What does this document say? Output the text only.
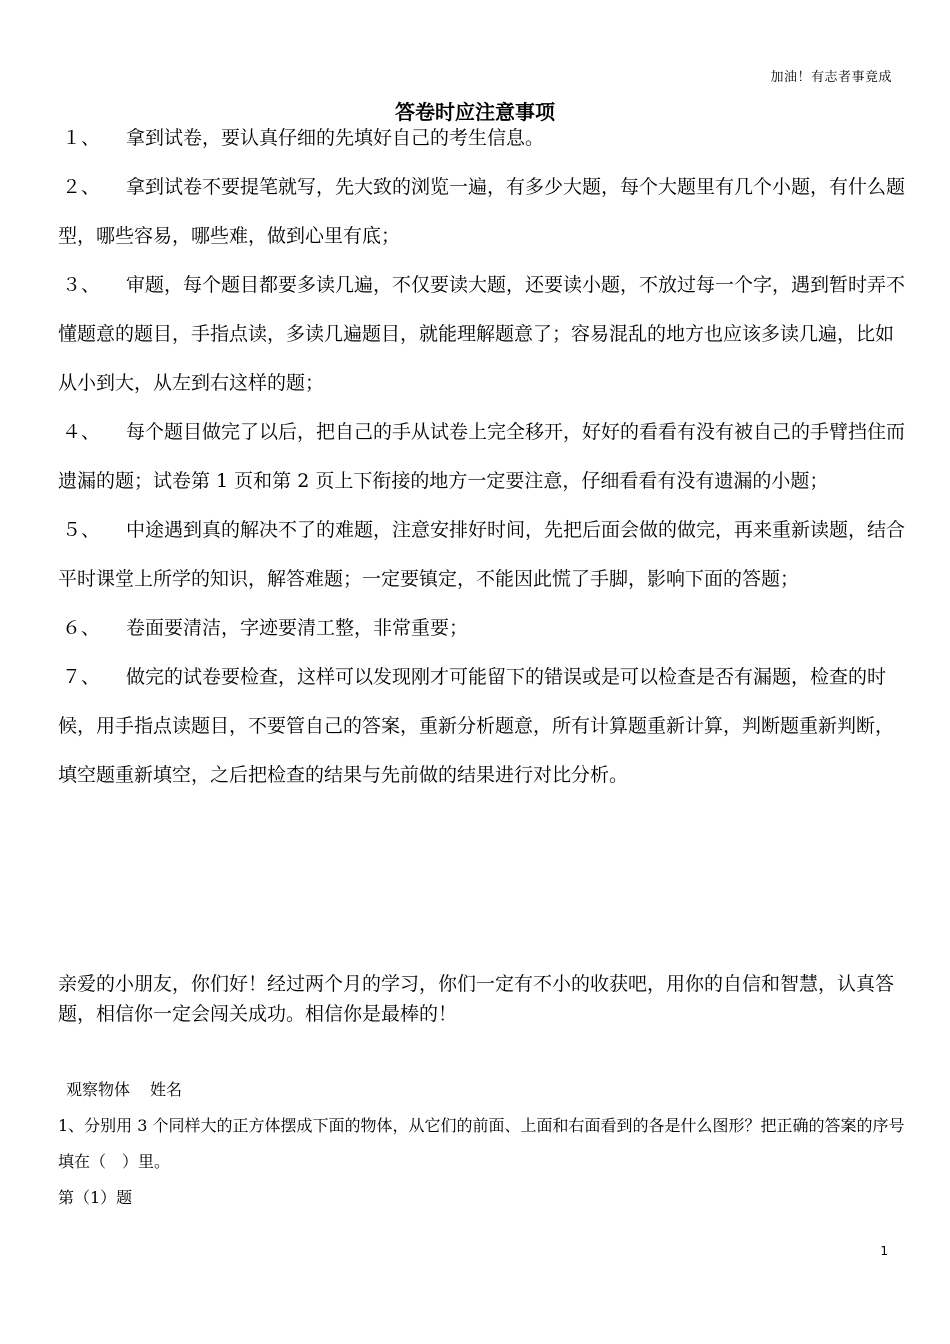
加油！有志者事竟成
答卷时应注意事项

１、 拿到试卷，要认真仔细的先填好自己的考生信息。

２、 拿到试卷不要提笔就写，先大致的浏览一遍，有多少大题，每个大题里有几个小题，有什么题型，哪些容易，哪些难，做到心里有底；

３、 审题，每个题目都要多读几遍，不仅要读大题，还要读小题，不放过每一个字，遇到暂时弄不懂题意的题目，手指点读，多读几遍题目，就能理解题意了；容易混乱的地方也应该多读几遍，比如从小到大，从左到右这样的题；

４、 每个题目做完了以后，把自己的手从试卷上完全移开，好好的看看有没有被自己的手臂挡住而遗漏的题；试卷第 1 页和第 2 页上下衔接的地方一定要注意，仔细看看有没有遗漏的小题；

５、 中途遇到真的解决不了的难题，注意安排好时间，先把后面会做的做完，再来重新读题，结合平时课堂上所学的知识，解答难题；一定要镇定，不能因此慌了手脚，影响下面的答题；

６、 卷面要清洁，字迹要清工整，非常重要；

７、 做完的试卷要检查，这样可以发现刚才可能留下的错误或是可以检查是否有漏题，检查的时候，用手指点读题目，不要管自己的答案，重新分析题意，所有计算题重新计算，判断题重新判断，填空题重新填空，之后把检查的结果与先前做的结果进行对比分析。

亲爱的小朋友，你们好！经过两个月的学习，你们一定有不小的收获吧，用你的自信和智慧，认真答题，相信你一定会闯关成功。相信你是最棒的！

观察物体 姓名

1、分别用 3 个同样大的正方体摆成下面的物体，从它们的前面、上面和右面看到的各是什么图形？把正确的答案的序号填在（　）里。

第（1）题

1
